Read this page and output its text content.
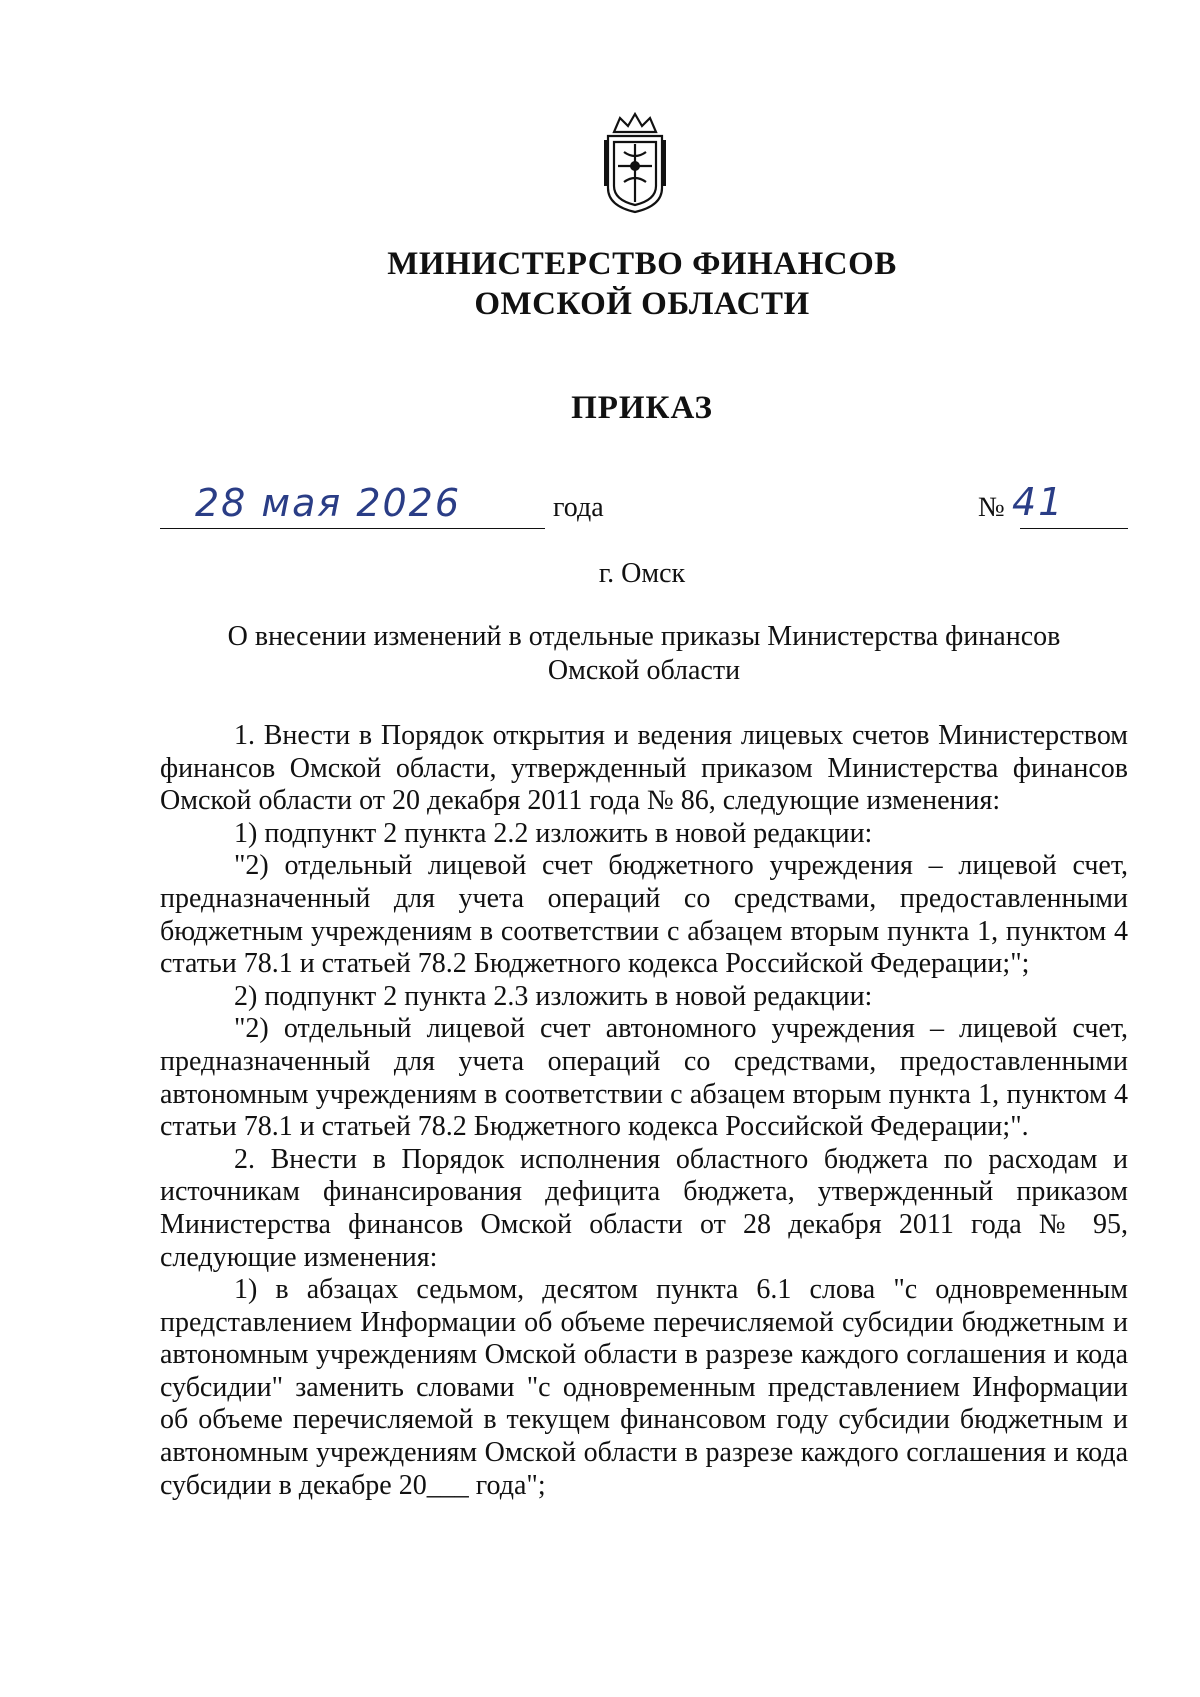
МИНИСТЕРСТВО ФИНАНСОВ
ОМСКОЙ ОБЛАСТИ
ПРИКАЗ
28 мая 2026	года	№ 41
г. Омск
О внесении изменений в отдельные приказы Министерства финансов
Омской области

1. Внести в Порядок открытия и ведения лицевых счетов Министерством финансов Омской области, утвержденный приказом Министерства финансов Омской области от 20 декабря 2011 года № 86, следующие изменения:

1) подпункт 2 пункта 2.2 изложить в новой редакции:

"2) отдельный лицевой счет бюджетного учреждения – лицевой счет, предназначенный для учета операций со средствами, предоставленными бюджетным учреждениям в соответствии с абзацем вторым пункта 1, пунктом 4 статьи 78.1 и статьей 78.2 Бюджетного кодекса Российской Федерации;";

2) подпункт 2 пункта 2.3 изложить в новой редакции:

"2) отдельный лицевой счет автономного учреждения – лицевой счет, предназначенный для учета операций со средствами, предоставленными автономным учреждениям в соответствии с абзацем вторым пункта 1, пунктом 4 статьи 78.1 и статьей 78.2 Бюджетного кодекса Российской Федерации;".

2. Внести в Порядок исполнения областного бюджета по расходам и источникам финансирования дефицита бюджета, утвержденный приказом Министерства финансов Омской области от 28 декабря 2011 года № 95, следующие изменения:

1) в абзацах седьмом, десятом пункта 6.1 слова "с одновременным представлением Информации об объеме перечисляемой субсидии бюджетным и автономным учреждениям Омской области в разрезе каждого соглашения и кода субсидии" заменить словами "с одновременным представлением Информации об объеме перечисляемой в текущем финансовом году субсидии бюджетным и автономным учреждениям Омской области в разрезе каждого соглашения и кода субсидии в декабре 20___ года";
